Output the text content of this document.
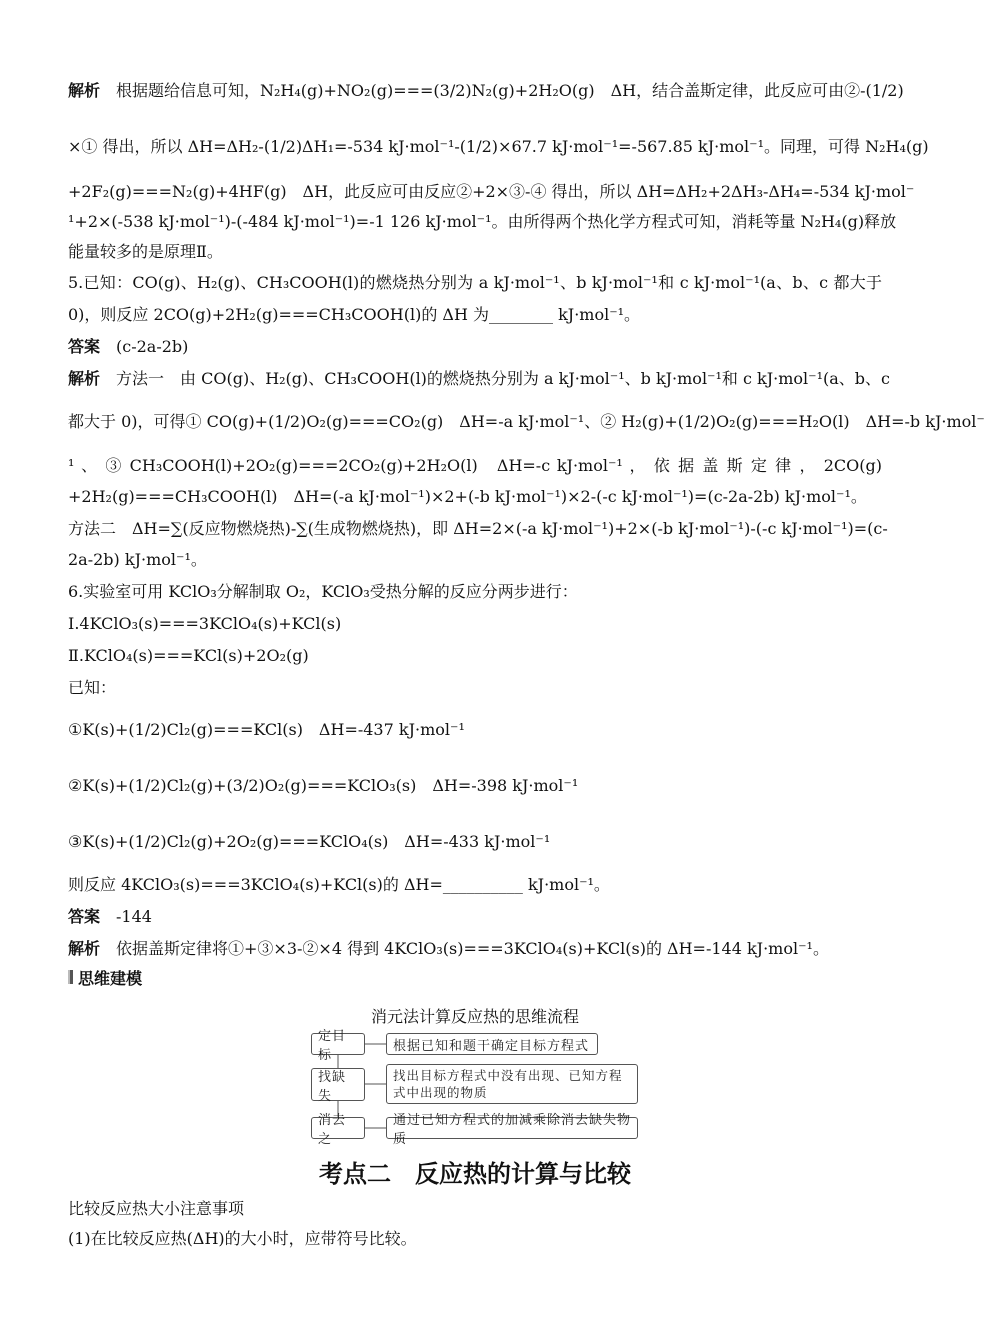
解析　根据题给信息可知，N₂H₄(g)+NO₂(g)===(3/2)N₂(g)+2H₂O(g)　ΔH，结合盖斯定律，此反应可由②-(1/2)
×① 得出，所以 ΔH=ΔH₂-(1/2)ΔH₁=-534 kJ·mol⁻¹-(1/2)×67.7 kJ·mol⁻¹=-567.85 kJ·mol⁻¹。同理，可得 N₂H₄(g)
+2F₂(g)===N₂(g)+4HF(g)　ΔH，此反应可由反应②+2×③-④ 得出，所以 ΔH=ΔH₂+2ΔH₃-ΔH₄=-534 kJ·mol⁻
¹+2×(-538 kJ·mol⁻¹)-(-484 kJ·mol⁻¹)=-1 126 kJ·mol⁻¹。由所得两个热化学方程式可知，消耗等量 N₂H₄(g)释放
能量较多的是原理Ⅱ。
5.已知：CO(g)、H₂(g)、CH₃COOH(l)的燃烧热分别为 a kJ·mol⁻¹、b kJ·mol⁻¹和 c kJ·mol⁻¹(a、b、c 都大于
0)，则反应 2CO(g)+2H₂(g)===CH₃COOH(l)的 ΔH 为________ kJ·mol⁻¹。
答案　(c-2a-2b)
解析　方法一　由 CO(g)、H₂(g)、CH₃COOH(l)的燃烧热分别为 a kJ·mol⁻¹、b kJ·mol⁻¹和 c kJ·mol⁻¹(a、b、c
都大于 0)，可得① CO(g)+(1/2)O₂(g)===CO₂(g)　ΔH=-a kJ·mol⁻¹、② H₂(g)+(1/2)O₂(g)===H₂O(l)　ΔH=-b kJ·mol⁻
¹ 、 ③ CH₃COOH(l)+2O₂(g)===2CO₂(g)+2H₂O(l)　ΔH=-c kJ·mol⁻¹ ， 依 据 盖 斯 定 律 ， 2CO(g)
+2H₂(g)===CH₃COOH(l)　ΔH=(-a kJ·mol⁻¹)×2+(-b kJ·mol⁻¹)×2-(-c kJ·mol⁻¹)=(c-2a-2b) kJ·mol⁻¹。
方法二　ΔH=∑(反应物燃烧热)-∑(生成物燃烧热)，即 ΔH=2×(-a kJ·mol⁻¹)+2×(-b kJ·mol⁻¹)-(-c kJ·mol⁻¹)=(c-
2a-2b) kJ·mol⁻¹。
6.实验室可用 KClO₃分解制取 O₂，KClO₃受热分解的反应分两步进行：
Ⅰ.4KClO₃(s)===3KClO₄(s)+KCl(s)
Ⅱ.KClO₄(s)===KCl(s)+2O₂(g)
已知：
①K(s)+(1/2)Cl₂(g)===KCl(s)　ΔH=-437 kJ·mol⁻¹
②K(s)+(1/2)Cl₂(g)+(3/2)O₂(g)===KClO₃(s)　ΔH=-398 kJ·mol⁻¹
③K(s)+(1/2)Cl₂(g)+2O₂(g)===KClO₄(s)　ΔH=-433 kJ·mol⁻¹
则反应 4KClO₃(s)===3KClO₄(s)+KCl(s)的 ΔH=__________ kJ·mol⁻¹。
答案　-144
解析　依据盖斯定律将①+③×3-②×4 得到 4KClO₃(s)===3KClO₄(s)+KCl(s)的 ΔH=-144 kJ·mol⁻¹。
思维建模
消元法计算反应热的思维流程
定目标
根据已知和题干确定目标方程式
找缺失
找出目标方程式中没有出现、已知方程式中出现的物质
消去之
通过已知方程式的加减乘除消去缺失物质
考点二　反应热的计算与比较
比较反应热大小注意事项
(1)在比较反应热(ΔH)的大小时，应带符号比较。
